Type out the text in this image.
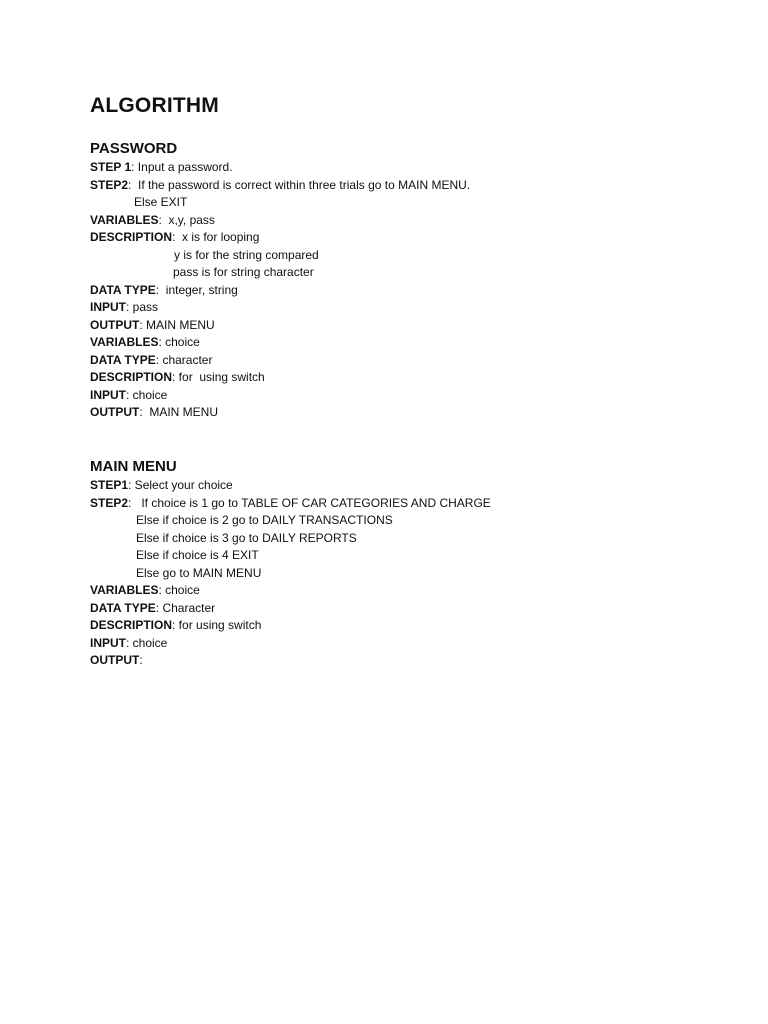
ALGORITHM
PASSWORD
STEP 1: Input a password.
STEP2:  If the password is correct within three trials go to MAIN MENU.
Else EXIT
VARIABLES:  x,y, pass
DESCRIPTION:  x is for looping
y is for the string compared
pass is for string character
DATA TYPE:  integer, string
INPUT: pass
OUTPUT: MAIN MENU
VARIABLES: choice
DATA TYPE: character
DESCRIPTION: for  using switch
INPUT: choice
OUTPUT:  MAIN MENU
MAIN MENU
STEP1: Select your choice
STEP2:   If choice is 1 go to TABLE OF CAR CATEGORIES AND CHARGE
Else if choice is 2 go to DAILY TRANSACTIONS
Else if choice is 3 go to DAILY REPORTS
Else if choice is 4 EXIT
Else go to MAIN MENU
VARIABLES: choice
DATA TYPE: Character
DESCRIPTION: for using switch
INPUT: choice
OUTPUT:
